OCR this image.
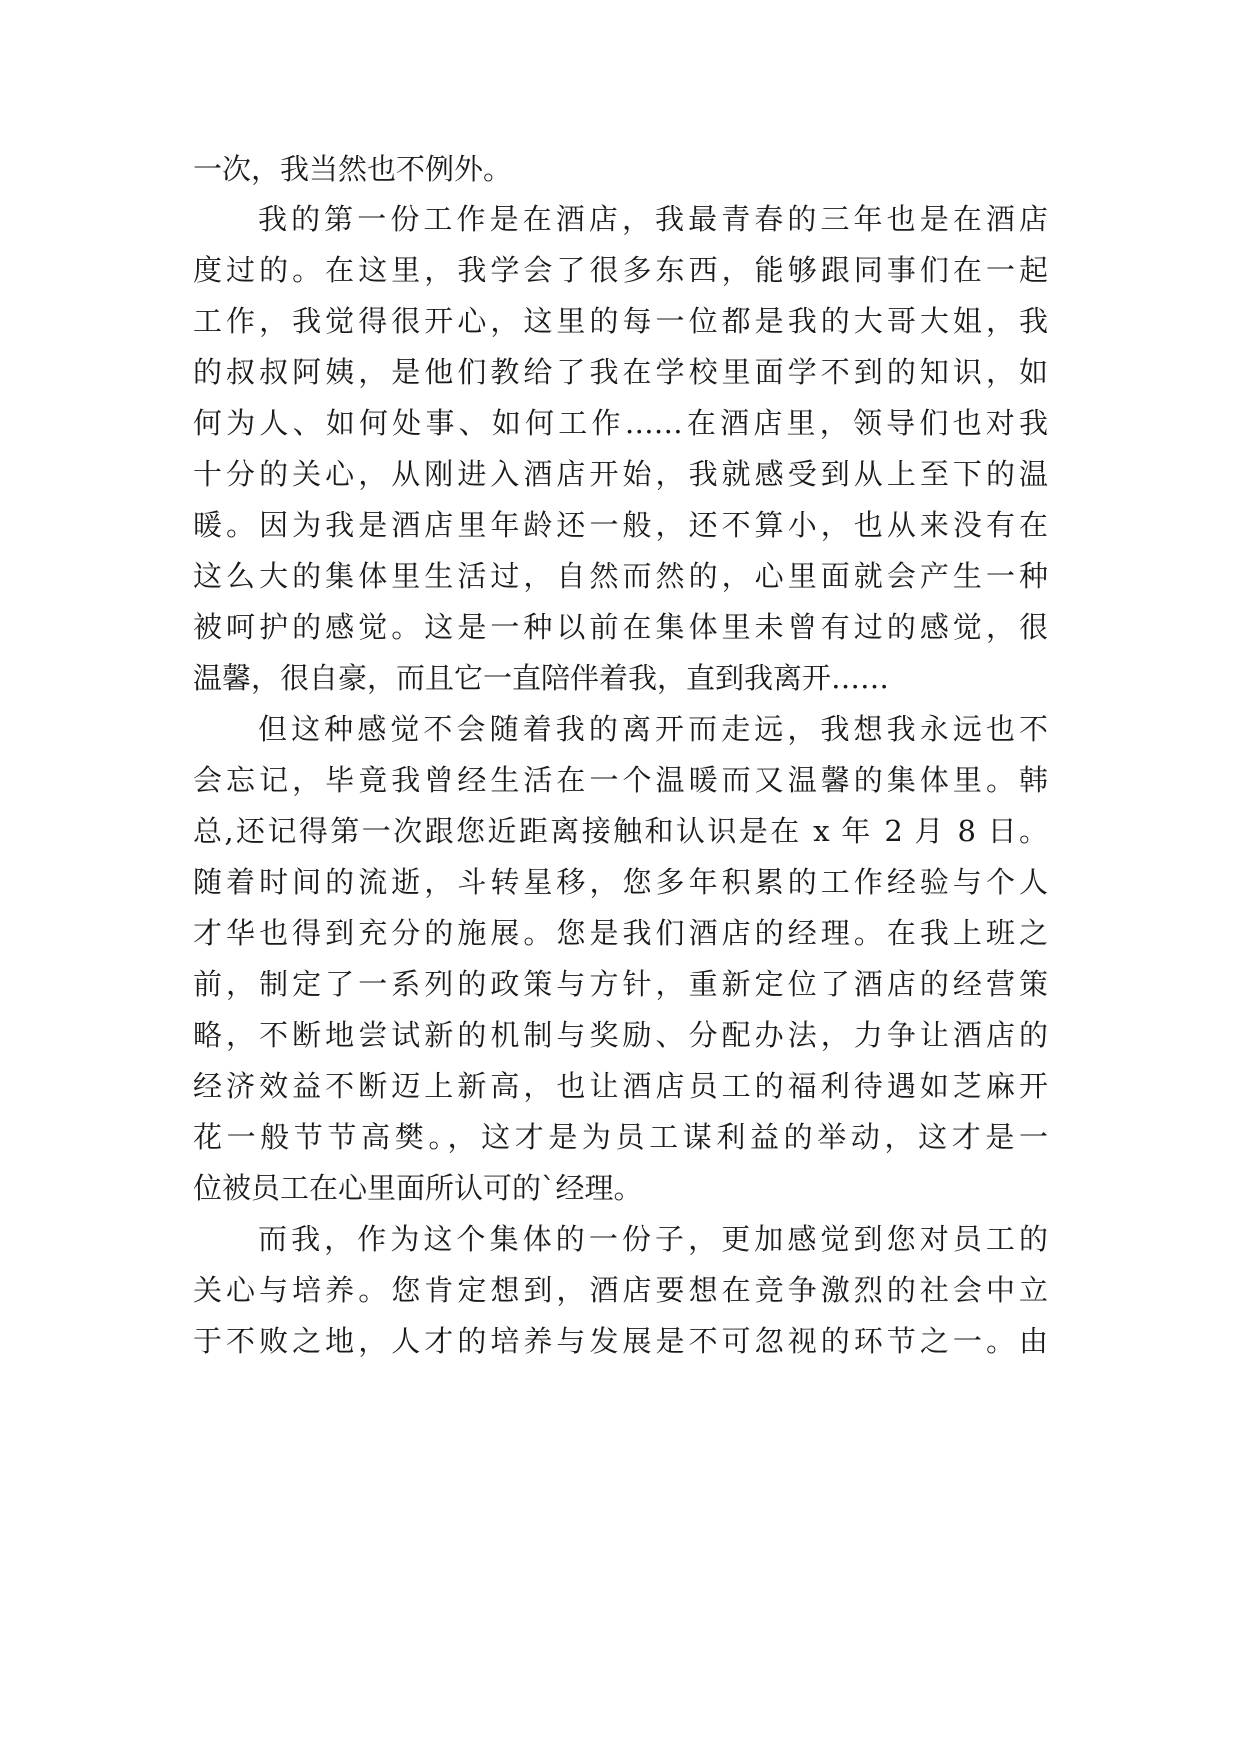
一次，我当然也不例外。
我的第一份工作是在酒店，我最青春的三年也是在酒店
度过的。在这里，我学会了很多东西，能够跟同事们在一起
工作，我觉得很开心，这里的每一位都是我的大哥大姐，我
的叔叔阿姨，是他们教给了我在学校里面学不到的知识，如
何为人、如何处事、如何工作……在酒店里，领导们也对我
十分的关心，从刚进入酒店开始，我就感受到从上至下的温
暖。因为我是酒店里年龄还一般，还不算小，也从来没有在
这么大的集体里生活过，自然而然的，心里面就会产生一种
被呵护的感觉。这是一种以前在集体里未曾有过的感觉，很
温馨，很自豪，而且它一直陪伴着我，直到我离开……
但这种感觉不会随着我的离开而走远，我想我永远也不
会忘记，毕竟我曾经生活在一个温暖而又温馨的集体里。韩
总,还记得第一次跟您近距离接触和认识是在 x 年 2 月 8 日。
随着时间的流逝，斗转星移，您多年积累的工作经验与个人
才华也得到充分的施展。您是我们酒店的经理。在我上班之
前，制定了一系列的政策与方针，重新定位了酒店的经营策
略，不断地尝试新的机制与奖励、分配办法，力争让酒店的
经济效益不断迈上新高，也让酒店员工的福利待遇如芝麻开
花一般节节高樊。，这才是为员工谋利益的举动，这才是一
位被员工在心里面所认可的`经理。
而我，作为这个集体的一份子，更加感觉到您对员工的
关心与培养。您肯定想到，酒店要想在竞争激烈的社会中立
于不败之地，人才的培养与发展是不可忽视的环节之一。由
